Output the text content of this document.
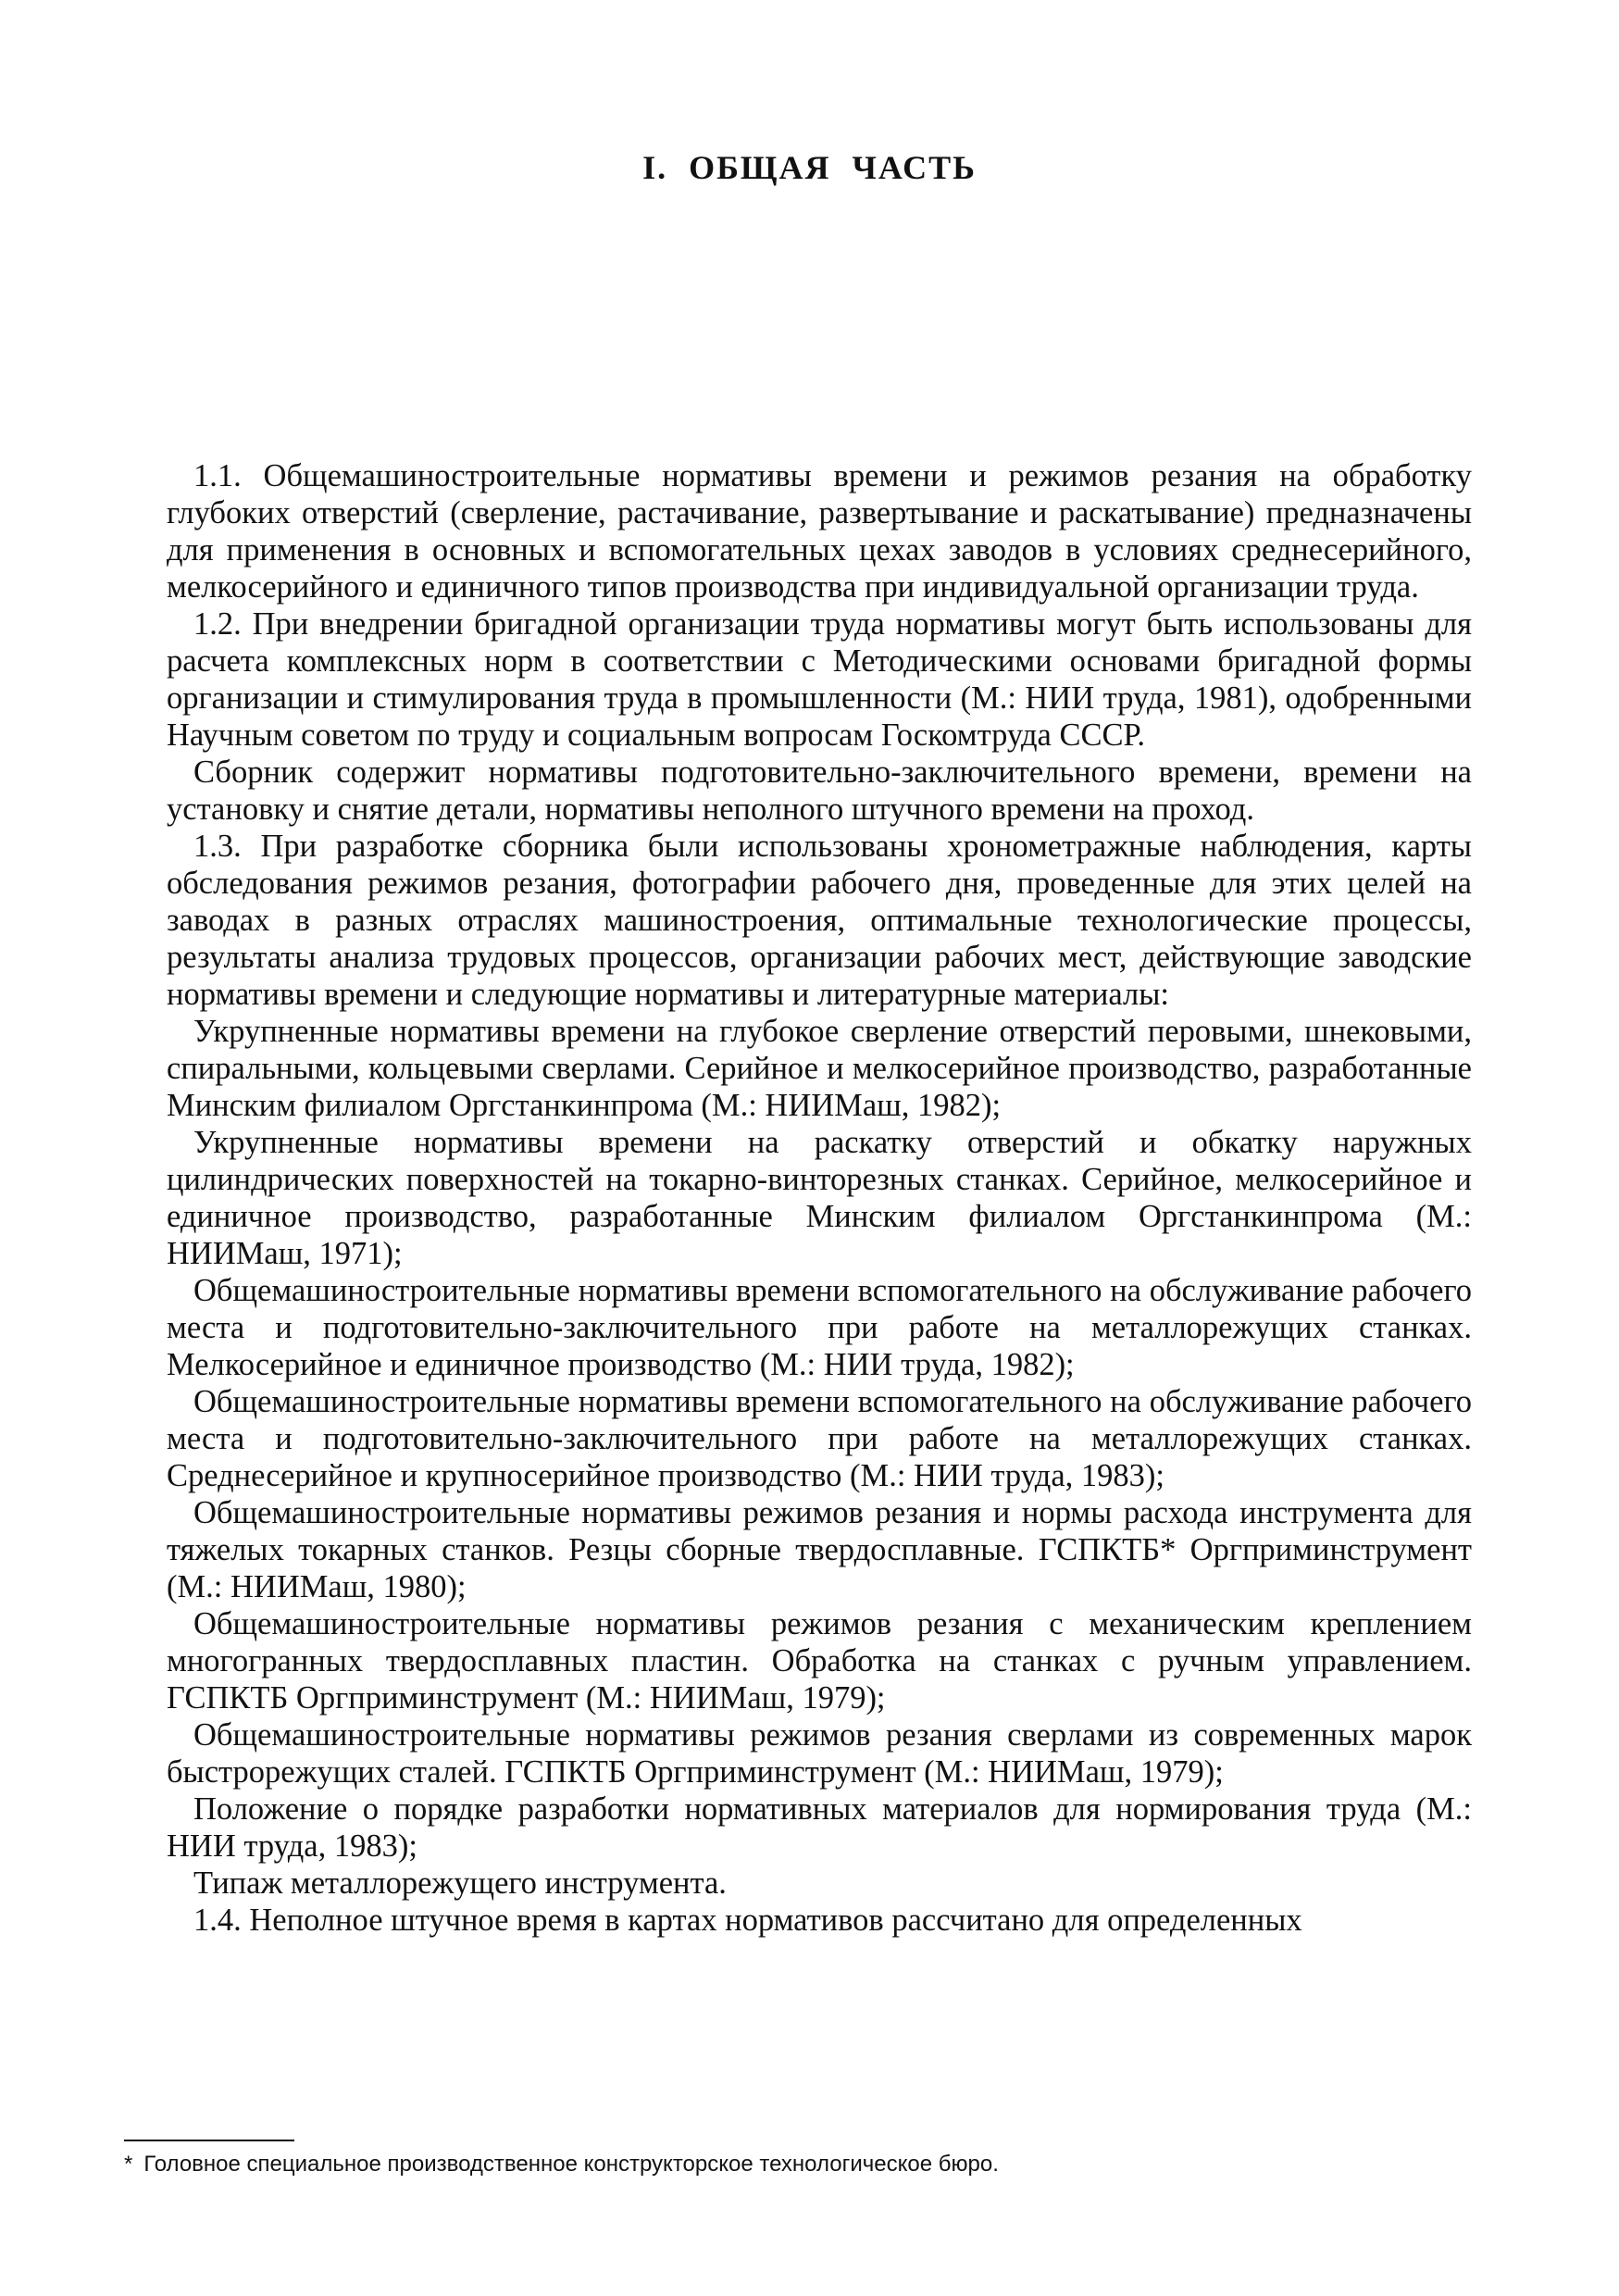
I. ОБЩАЯ ЧАСТЬ

1.1. Общемашиностроительные нормативы времени и режимов резания на обработку глубоких отверстий (сверление, растачивание, развертывание и раскатывание) предназначены для применения в основных и вспомогательных цехах заводов в условиях среднесерийного, мелкосерийного и единичного типов производства при индивидуальной организации труда.

1.2. При внедрении бригадной организации труда нормативы могут быть использованы для расчета комплексных норм в соответствии с Методическими основами бригадной формы организации и стимулирования труда в промышленности (М.: НИИ труда, 1981), одобренными Научным советом по труду и социальным вопросам Госкомтруда СССР.

Сборник содержит нормативы подготовительно-заключительного времени, времени на установку и снятие детали, нормативы неполного штучного времени на проход.

1.3. При разработке сборника были использованы хронометражные наблюдения, карты обследования режимов резания, фотографии рабочего дня, проведенные для этих целей на заводах в разных отраслях машиностроения, оптимальные технологические процессы, результаты анализа трудовых процессов, организации рабочих мест, действующие заводские нормативы времени и следующие нормативы и литературные материалы:

Укрупненные нормативы времени на глубокое сверление отверстий перовыми, шнековыми, спиральными, кольцевыми сверлами. Серийное и мелкосерийное производство, разработанные Минским филиалом Оргстанкинпрома (М.: НИИМаш, 1982);

Укрупненные нормативы времени на раскатку отверстий и обкатку наружных цилиндрических поверхностей на токарно-винторезных станках. Серийное, мелкосерийное и единичное производство, разработанные Минским филиалом Оргстанкинпрома (М.: НИИМаш, 1971);

Общемашиностроительные нормативы времени вспомогательного на обслуживание рабочего места и подготовительно-заключительного при работе на металлорежущих станках. Мелкосерийное и единичное производство (М.: НИИ труда, 1982);

Общемашиностроительные нормативы времени вспомогательного на обслуживание рабочего места и подготовительно-заключительного при работе на металлорежущих станках. Среднесерийное и крупносерийное производство (М.: НИИ труда, 1983);

Общемашиностроительные нормативы режимов резания и нормы расхода инструмента для тяжелых токарных станков. Резцы сборные твердосплавные. ГСПКТБ* Оргприминструмент (М.: НИИМаш, 1980);

Общемашиностроительные нормативы режимов резания с механическим креплением многогранных твердосплавных пластин. Обработка на станках с ручным управлением. ГСПКТБ Оргприминструмент (М.: НИИМаш, 1979);

Общемашиностроительные нормативы режимов резания сверлами из современных марок быстрорежущих сталей. ГСПКТБ Оргприминструмент (М.: НИИМаш, 1979);

Положение о порядке разработки нормативных материалов для нормирования труда (М.: НИИ труда, 1983);

Типаж металлорежущего инструмента.

1.4. Неполное штучное время в картах нормативов рассчитано для определенных

* Головное специальное производственное конструкторское технологическое бюро.
